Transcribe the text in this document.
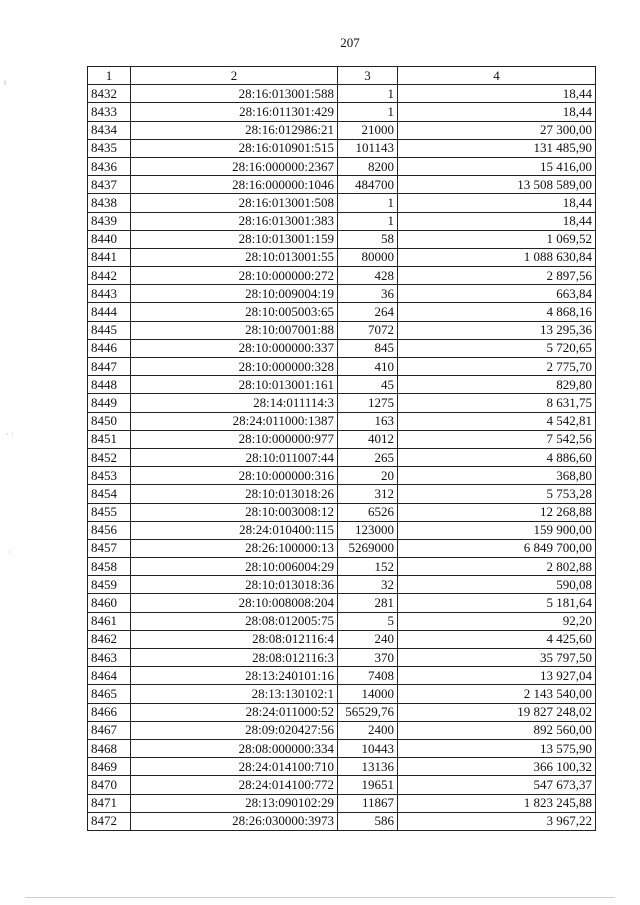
207
1	2	3	4
8432	28:16:013001:588	1	18,44
8433	28:16:011301:429	1	18,44
8434	28:16:012986:21	21000	27 300,00
8435	28:16:010901:515	101143	131 485,90
8436	28:16:000000:2367	8200	15 416,00
8437	28:16:000000:1046	484700	13 508 589,00
8438	28:16:013001:508	1	18,44
8439	28:16:013001:383	1	18,44
8440	28:10:013001:159	58	1 069,52
8441	28:10:013001:55	80000	1 088 630,84
8442	28:10:000000:272	428	2 897,56
8443	28:10:009004:19	36	663,84
8444	28:10:005003:65	264	4 868,16
8445	28:10:007001:88	7072	13 295,36
8446	28:10:000000:337	845	5 720,65
8447	28:10:000000:328	410	2 775,70
8448	28:10:013001:161	45	829,80
8449	28:14:011114:3	1275	8 631,75
8450	28:24:011000:1387	163	4 542,81
8451	28:10:000000:977	4012	7 542,56
8452	28:10:011007:44	265	4 886,60
8453	28:10:000000:316	20	368,80
8454	28:10:013018:26	312	5 753,28
8455	28:10:003008:12	6526	12 268,88
8456	28:24:010400:115	123000	159 900,00
8457	28:26:100000:13	5269000	6 849 700,00
8458	28:10:006004:29	152	2 802,88
8459	28:10:013018:36	32	590,08
8460	28:10:008008:204	281	5 181,64
8461	28:08:012005:75	5	92,20
8462	28:08:012116:4	240	4 425,60
8463	28:08:012116:3	370	35 797,50
8464	28:13:240101:16	7408	13 927,04
8465	28:13:130102:1	14000	2 143 540,00
8466	28:24:011000:52	56529,76	19 827 248,02
8467	28:09:020427:56	2400	892 560,00
8468	28:08:000000:334	10443	13 575,90
8469	28:24:014100:710	13136	366 100,32
8470	28:24:014100:772	19651	547 673,37
8471	28:13:090102:29	11867	1 823 245,88
8472	28:26:030000:3973	586	3 967,22
ı
· ·
·
